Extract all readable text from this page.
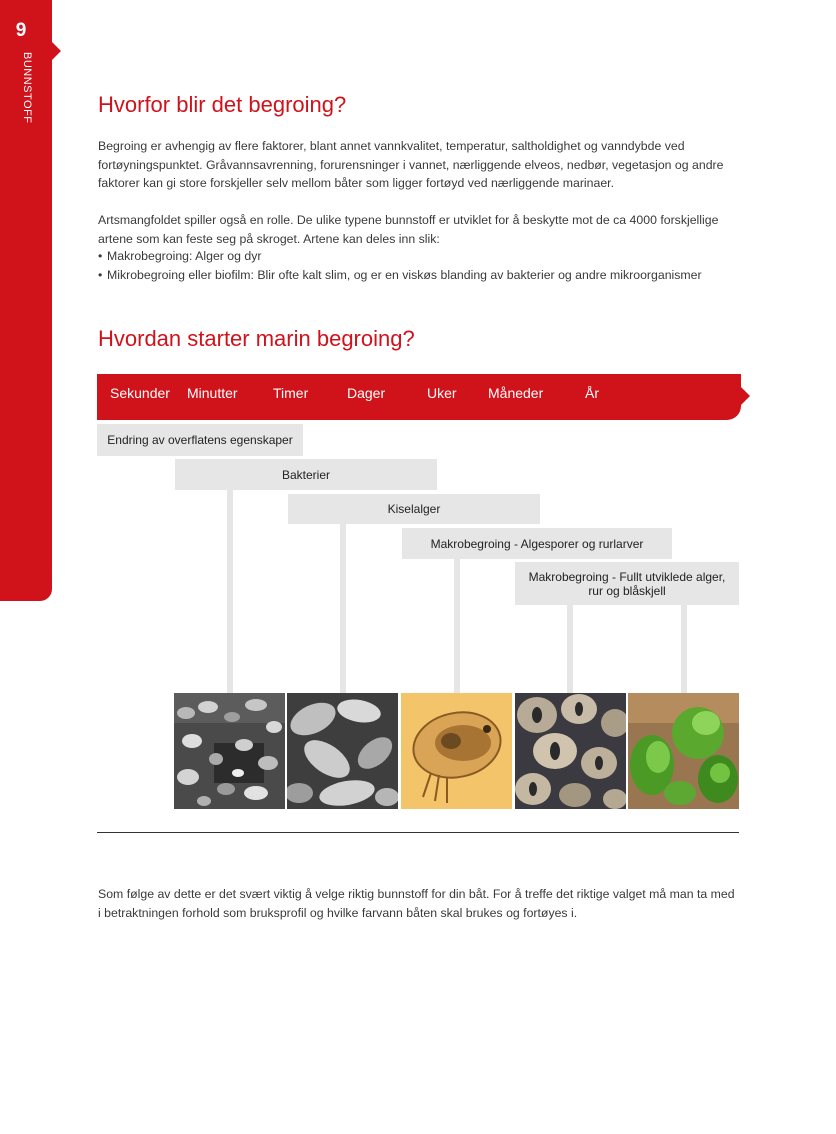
9
BUNNSTOFF	Hvorfor blir det begroing?

Begroing er avhengig av flere faktorer, blant annet vannkvalitet, temperatur, saltholdighet og vanndybde ved fortøyningspunktet. Gråvannsavrenning, forurensninger i vannet, nærliggende elveos, nedbør, vegetasjon og andre faktorer kan gi store forskjeller selv mellom båter som ligger fortøyd ved nærliggende marinaer.

Artsmangfoldet spiller også en rolle. De ulike typene bunnstoff er utviklet for å beskytte mot de ca 4000 forskjellige artene som kan feste seg på skroget. Artene kan deles inn slik:

• Makrobegroing: Alger og dyr
• Mikrobegroing eller biofilm: Blir ofte kalt slim, og er en viskøs blanding av bakterier og andre mikroorganismer
Hvordan starter marin begroing?
Sekunder Minutter	Timer	Dager	Uker Måneder	År
Endring av overflatens egenskaper
Bakterier
Kiselalger
Makrobegroing - Algesporer og rurlarver
Makrobegroing - Fullt utviklede alger, rur og blåskjell

Som følge av dette er det svært viktig å velge riktig bunnstoff for din båt. For å treffe det riktige valget må man ta med i betraktningen forhold som bruksprofil og hvilke farvann båten skal brukes og fortøyes i.
